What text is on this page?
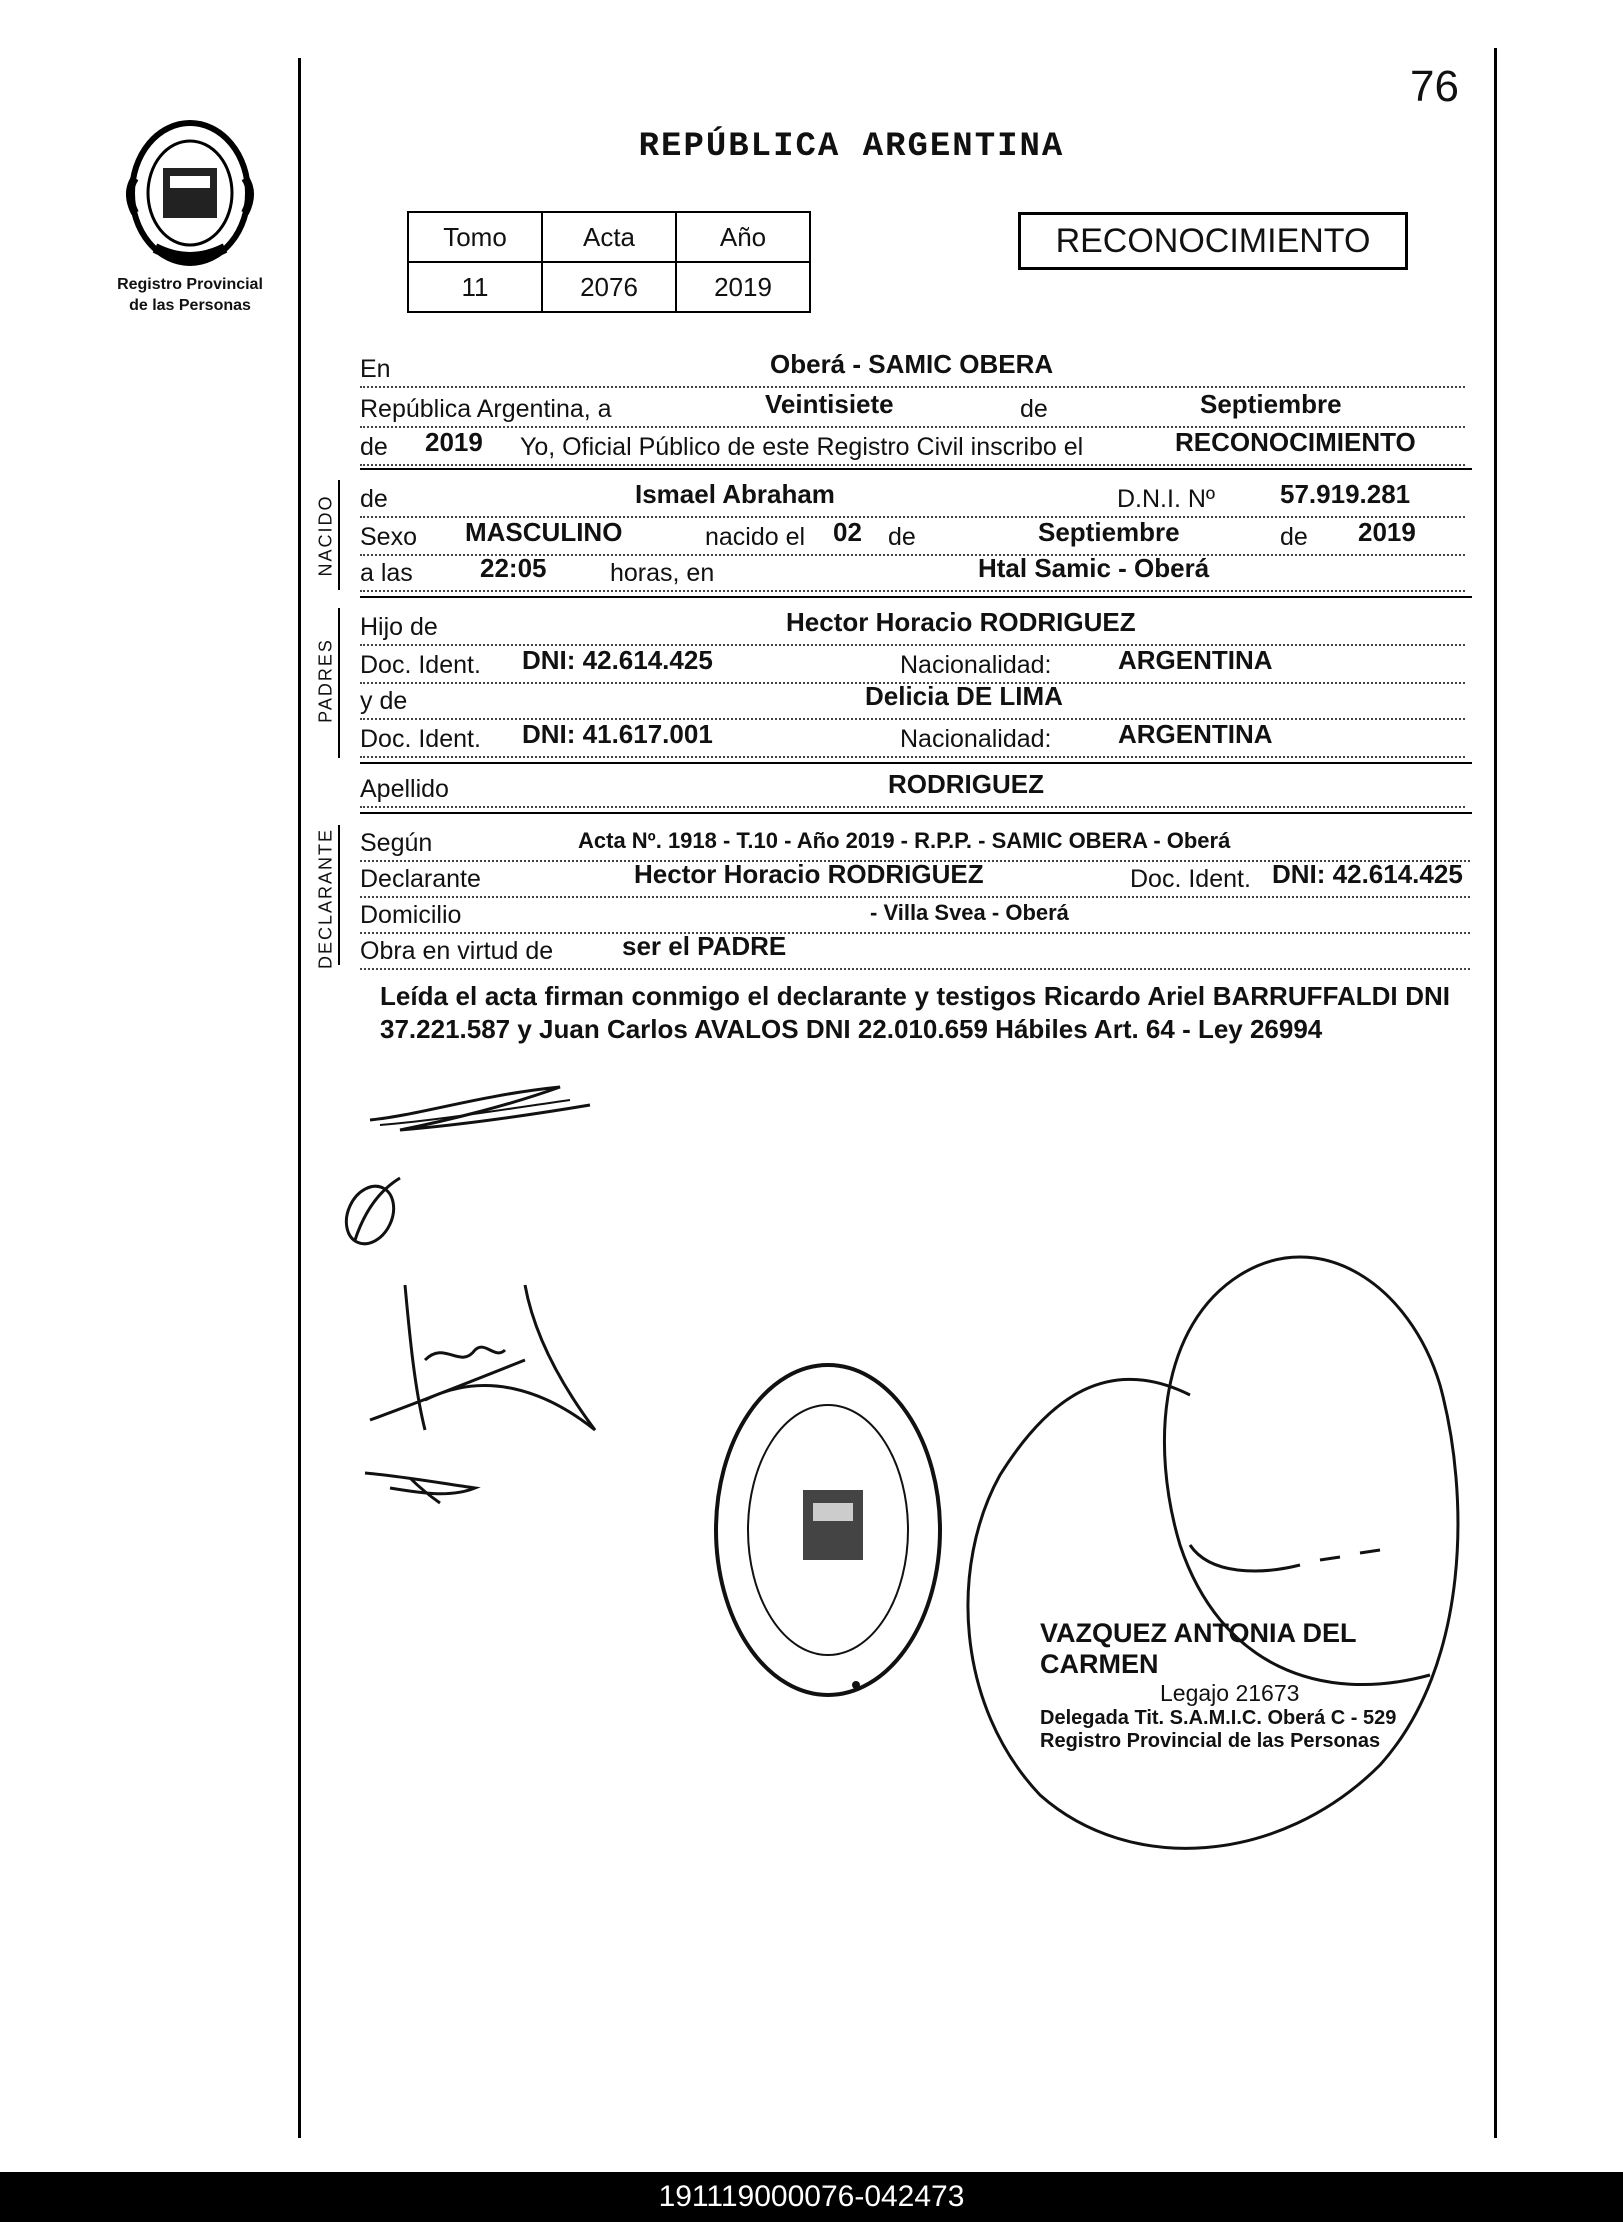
76
REPÚBLICA ARGENTINA
Registro Provincial
de las Personas
Tomo	Acta	Año
11	2076	2019
RECONOCIMIENTO
En	Oberá - SAMIC OBERA
República Argentina, a	Veintisiete	de	Septiembre
de 2019 Yo, Oficial Público de este Registro Civil inscribo el	RECONOCIMIENTO
NACIDO de	Ismael Abraham	D.N.I. Nº 57.919.281
Sexo MASCULINO	nacido el 02 de	Septiembre	de 2019
a las	22:05	horas, en	Htal Samic - Oberá
PADRES
Hijo de	Hector Horacio RODRIGUEZ
Doc. Ident. DNI: 42.614.425	Nacionalidad:	ARGENTINA
y de	Delicia DE LIMA
Doc. Ident. DNI: 41.617.001	Nacionalidad:	ARGENTINA
Apellido	RODRIGUEZ
DECLARANTE Según	Acta Nº. 1918 - T.10 - Año 2019 - R.P.P. - SAMIC OBERA - Oberá
Declarante	Hector Horacio RODRIGUEZ	Doc. Ident. DNI: 42.614.425
Domicilio	- Villa Svea - Oberá
Obra en virtud de	ser el PADRE
Leída el acta firman conmigo el declarante y testigos Ricardo Ariel BARRUFFALDI DNI 37.221.587 y Juan Carlos AVALOS DNI 22.010.659 Hábiles Art. 64 - Ley 26994
VAZQUEZ ANTONIA DEL CARMEN
Legajo 21673
Delegada Tit. S.A.M.I.C. Oberá C - 529
Registro Provincial de las Personas
191119000076-042473
